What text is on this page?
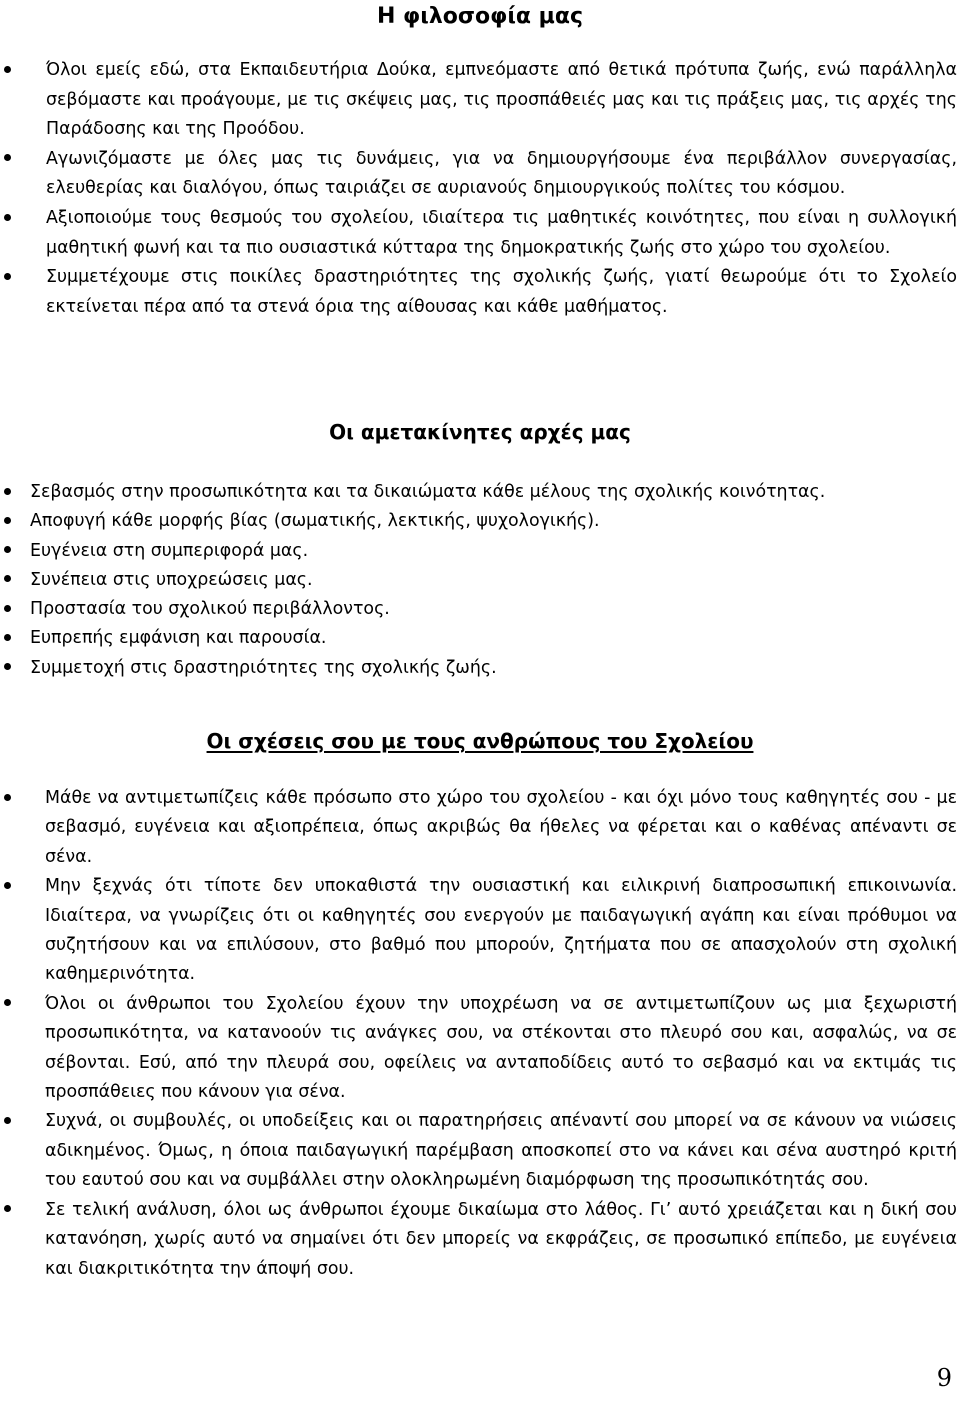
Η φιλοσοφία μας
Όλοι εμείς εδώ, στα Εκπαιδευτήρια Δούκα, εμπνεόμαστε από θετικά πρότυπα ζωής, ενώ παράλληλα σεβόμαστε και προάγουμε, με τις σκέψεις μας, τις προσπάθειές μας και τις πράξεις μας, τις αρχές της Παράδοσης και της Προόδου.
Αγωνιζόμαστε με όλες μας τις δυνάμεις, για να δημιουργήσουμε ένα περιβάλλον συνεργασίας, ελευθερίας και διαλόγου, όπως ταιριάζει σε αυριανούς δημιουργικούς πολίτες του κόσμου.
Αξιοποιούμε τους θεσμούς του σχολείου, ιδιαίτερα τις μαθητικές κοινότητες, που είναι η συλλογική μαθητική φωνή και τα πιο ουσιαστικά κύτταρα της δημοκρατικής ζωής στο χώρο του σχολείου.
Συμμετέχουμε στις ποικίλες δραστηριότητες της σχολικής ζωής, γιατί θεωρούμε ότι το Σχολείο εκτείνεται πέρα από τα στενά όρια της αίθουσας και κάθε μαθήματος.
Οι αμετακίνητες αρχές μας
Σεβασμός στην προσωπικότητα και τα δικαιώματα κάθε μέλους της σχολικής κοινότητας.
Αποφυγή κάθε μορφής βίας (σωματικής, λεκτικής, ψυχολογικής).
Ευγένεια στη συμπεριφορά μας.
Συνέπεια στις υποχρεώσεις μας.
Προστασία του σχολικού περιβάλλοντος.
Ευπρεπής εμφάνιση και παρουσία.
Συμμετοχή στις δραστηριότητες της σχολικής ζωής.
Οι σχέσεις σου με τους ανθρώπους του Σχολείου
Μάθε να αντιμετωπίζεις κάθε πρόσωπο στο χώρο του σχολείου - και όχι μόνο τους καθηγητές σου - με σεβασμό, ευγένεια και αξιοπρέπεια, όπως ακριβώς θα ήθελες να φέρεται και ο καθένας απέναντι σε σένα.
Μην ξεχνάς ότι τίποτε δεν υποκαθιστά την ουσιαστική και ειλικρινή διαπροσωπική επικοινωνία. Ιδιαίτερα, να γνωρίζεις ότι οι καθηγητές σου ενεργούν με παιδαγωγική αγάπη και είναι πρόθυμοι να συζητήσουν και να επιλύσουν, στο βαθμό που μπορούν, ζητήματα που σε απασχολούν στη σχολική καθημερινότητα.
Όλοι οι άνθρωποι του Σχολείου έχουν την υποχρέωση να σε αντιμετωπίζουν ως μια ξεχωριστή προσωπικότητα, να κατανοούν τις ανάγκες σου, να στέκονται στο πλευρό σου και, ασφαλώς, να σε σέβονται. Εσύ, από την πλευρά σου, οφείλεις να ανταποδίδεις αυτό το σεβασμό και να εκτιμάς τις προσπάθειες που κάνουν για σένα.
Συχνά, οι συμβουλές, οι υποδείξεις και οι παρατηρήσεις απέναντί σου μπορεί να σε κάνουν να νιώσεις αδικημένος. Όμως, η όποια παιδαγωγική παρέμβαση αποσκοπεί στο να κάνει και σένα αυστηρό κριτή του εαυτού σου και να συμβάλλει στην ολοκληρωμένη διαμόρφωση της προσωπικότητάς σου.
Σε τελική ανάλυση, όλοι ως άνθρωποι έχουμε δικαίωμα στο λάθος. Γι’ αυτό χρειάζεται και η δική σου κατανόηση, χωρίς αυτό να σημαίνει ότι δεν μπορείς να εκφράζεις, σε προσωπικό επίπεδο, με ευγένεια και διακριτικότητα την άποψή σου.
9
